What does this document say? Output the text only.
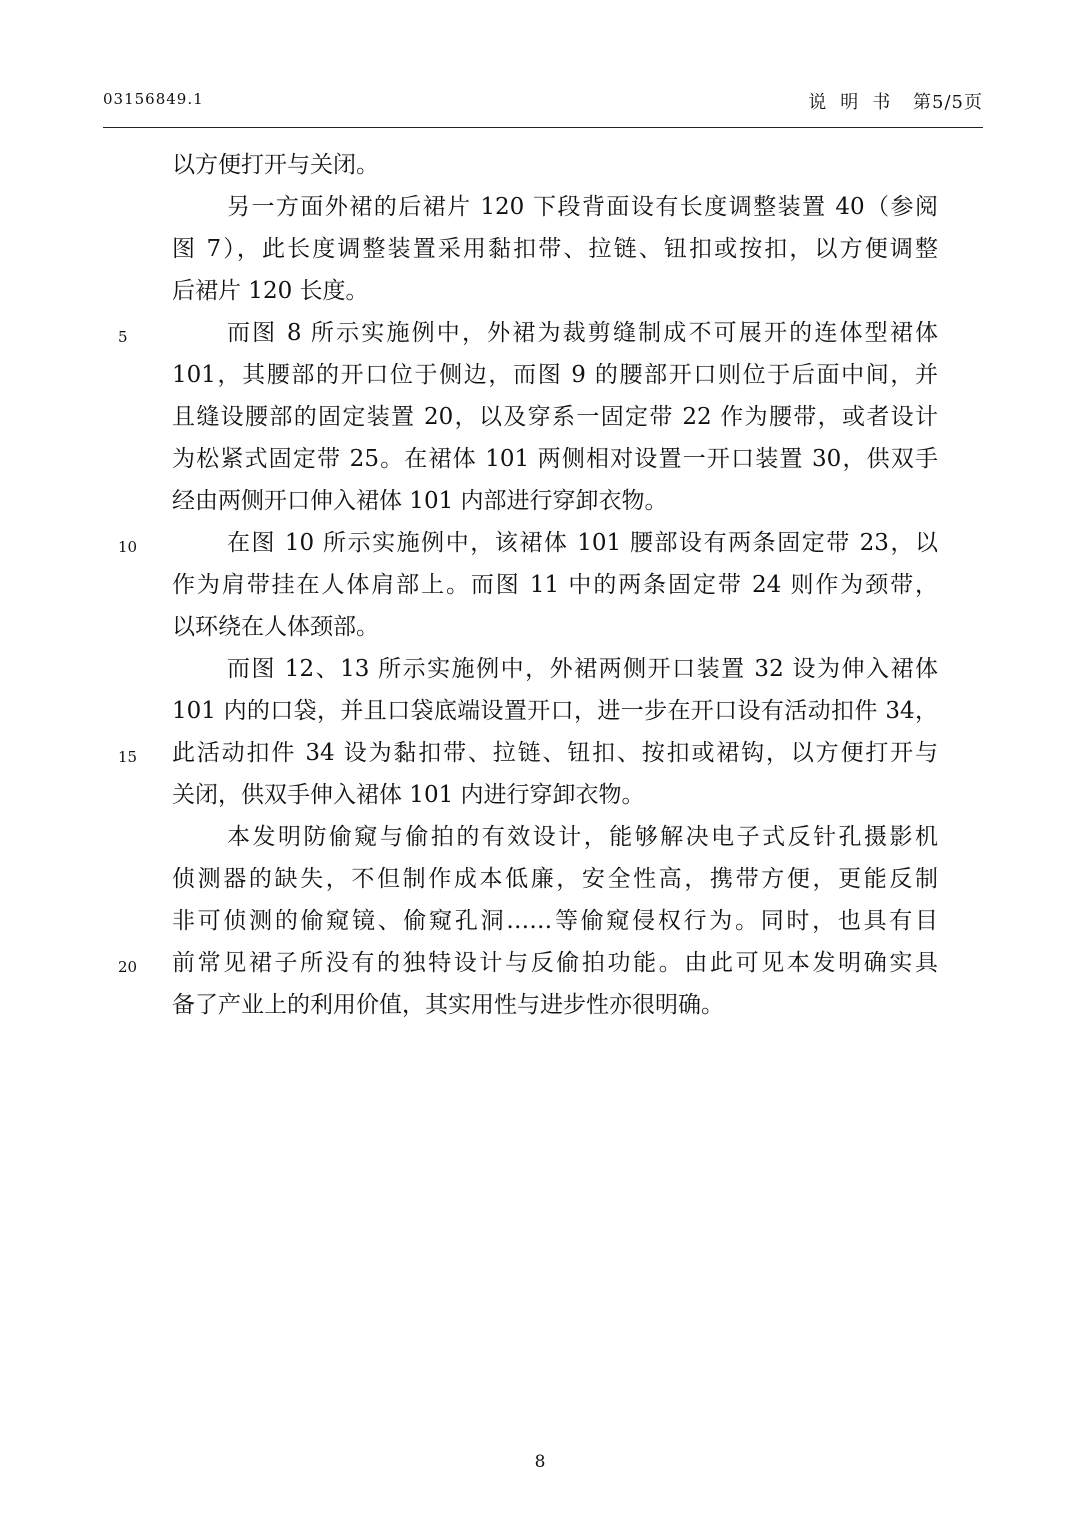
03156849.1	说明书 第5/5页
以方便打开与关闭。
另一方面外裙的后裙片 120 下段背面设有长度调整装置 40（参阅
图 7），此长度调整装置采用黏扣带、拉链、钮扣或按扣，以方便调整
后裙片 120 长度。
5	而图 8 所示实施例中，外裙为裁剪缝制成不可展开的连体型裙体
101，其腰部的开口位于侧边，而图 9 的腰部开口则位于后面中间，并
且缝设腰部的固定装置 20，以及穿系一固定带 22 作为腰带，或者设计
为松紧式固定带 25。在裙体 101 两侧相对设置一开口装置 30，供双手
经由两侧开口伸入裙体 101 内部进行穿卸衣物。
10	在图 10 所示实施例中，该裙体 101 腰部设有两条固定带 23，以
作为肩带挂在人体肩部上。而图 11 中的两条固定带 24 则作为颈带，
以环绕在人体颈部。
而图 12、13 所示实施例中，外裙两侧开口装置 32 设为伸入裙体
101 内的口袋，并且口袋底端设置开口，进一步在开口设有活动扣件 34，
15	此活动扣件 34 设为黏扣带、拉链、钮扣、按扣或裙钩，以方便打开与
关闭，供双手伸入裙体 101 内进行穿卸衣物。
本发明防偷窥与偷拍的有效设计，能够解决电子式反针孔摄影机
侦测器的缺失，不但制作成本低廉，安全性高，携带方便，更能反制
非可侦测的偷窥镜、偷窥孔洞……等偷窥侵权行为。同时，也具有目
20	前常见裙子所没有的独特设计与反偷拍功能。由此可见本发明确实具
备了产业上的利用价值，其实用性与进步性亦很明确。
8
